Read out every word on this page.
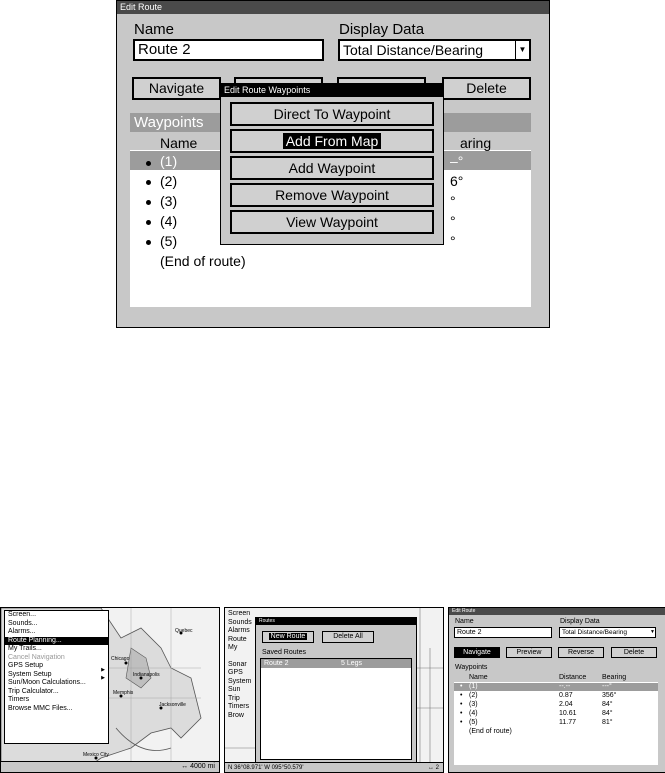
Edit Route
Name
Route 2
Display Data
Total Distance/Bearing	▼
Navigate	Delete
Waypoints
Name	aring
(1)	–°
(2)	6°
(3)	°
(4)	°
(5)	°
(End of route)
Edit Route Waypoints
Direct To Waypoint
Add From Map
Add Waypoint
Remove Waypoint
View Waypoint
Chicago
Indianapolis
Memphis
Jacksonville
Mexico City
Quebec
Screen...
Sounds...
Alarms...
Route Planning...
My Trails...
Cancel Navigation
GPS Setup
System Setup
Sun/Moon Calculations...
Trip Calculator...
Timers
Browse MMC Files...
▶
▶
↔ 4000 mi
Screen
Sounds
Alarms
Route
My
Sonar
GPS
System
Sun
Trip
Timers
Brow
Routes
New Route	Delete All
Saved Routes
Route 2	5 Legs
N 36°08.971' W 095°50.579'	↔ 2
Edit Route
Name
Route 2
Display Data
Total Distance/Bearing	▼
Navigate	Preview	Reverse	Delete
Waypoints
Name	Distance Bearing
• (1)	--.--	---°
• (2)	0.87	356°
• (3)	2.04	84°
• (4)	10.61	84°
• (5)	11.77	81°
(End of route)
